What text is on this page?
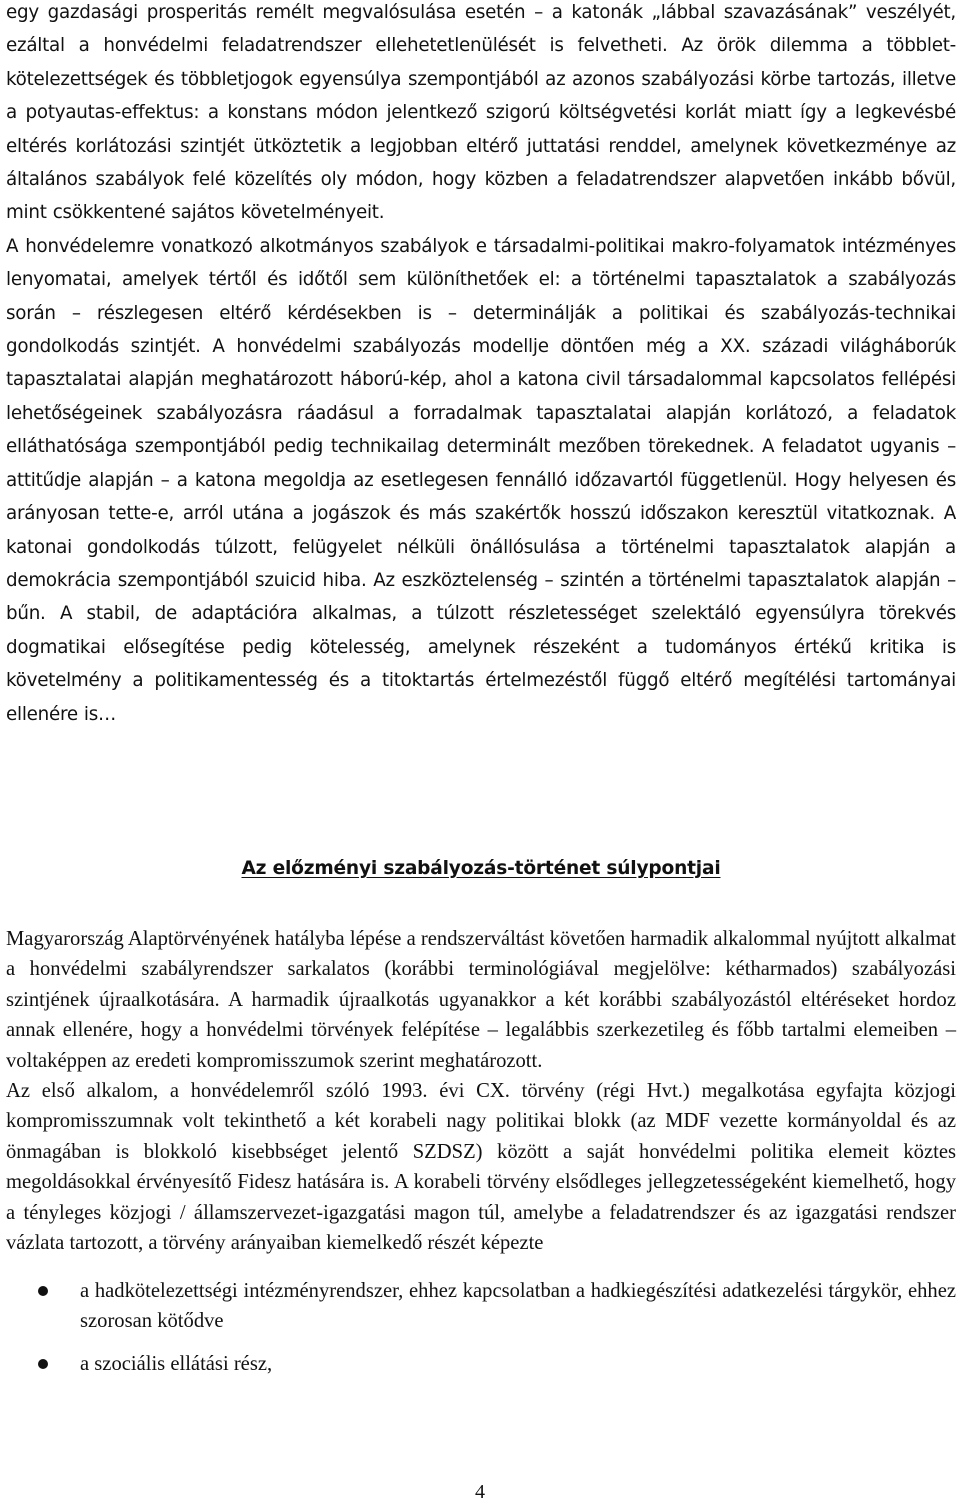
egy gazdasági prosperitás remélt megvalósulása esetén – a katonák „lábbal szavazásának” veszélyét, ezáltal a honvédelmi feladatrendszer ellehetetlenülését is felvetheti. Az örök dilemma a többlet-kötelezettségek és többletjogok egyensúlya szempontjából az azonos szabályozási körbe tartozás, illetve a potyautas-effektus: a konstans módon jelentkező szigorú költségvetési korlát miatt így a legkevésbé eltérés korlátozási szintjét ütköztetik a legjobban eltérő juttatási renddel, amelynek következménye az általános szabályok felé közelítés oly módon, hogy közben a feladatrendszer alapvetően inkább bővül, mint csökkentené sajátos követelményeit.

A honvédelemre vonatkozó alkotmányos szabályok e társadalmi-politikai makro-folyamatok intézményes lenyomatai, amelyek tértől és időtől sem különíthetőek el: a történelmi tapasztalatok a szabályozás során – részlegesen eltérő kérdésekben is – determinálják a politikai és szabályozás-technikai gondolkodás szintjét. A honvédelmi szabályozás modellje döntően még a XX. századi világháborúk tapasztalatai alapján meghatározott háború-kép, ahol a katona civil társadalommal kapcsolatos fellépési lehetőségeinek szabályozásra ráadásul a forradalmak tapasztalatai alapján korlátozó, a feladatok elláthatósága szempontjából pedig technikailag determinált mezőben törekednek. A feladatot ugyanis – attitűdje alapján – a katona megoldja az esetlegesen fennálló időzavartól függetlenül. Hogy helyesen és arányosan tette-e, arról utána a jogászok és más szakértők hosszú időszakon keresztül vitatkoznak. A katonai gondolkodás túlzott, felügyelet nélküli önállósulása a történelmi tapasztalatok alapján a demokrácia szempontjából szuicid hiba. Az eszköztelenség – szintén a történelmi tapasztalatok alapján – bűn. A stabil, de adaptációra alkalmas, a túlzott részletességet szelektáló egyensúlyra törekvés dogmatikai elősegítése pedig kötelesség, amelynek részeként a tudományos értékű kritika is követelmény a politikamentesség és a titoktartás értelmezéstől függő eltérő megítélési tartományai ellenére is…

Az előzményi szabályozás-történet súlypontjai

Magyarország Alaptörvényének hatályba lépése a rendszerváltást követően harmadik alkalommal nyújtott alkalmat a honvédelmi szabályrendszer sarkalatos (korábbi terminológiával megjelölve: kétharmados) szabályozási szintjének újraalkotására. A harmadik újraalkotás ugyanakkor a két korábbi szabályozástól eltéréseket hordoz annak ellenére, hogy a honvédelmi törvények felépítése – legalábbis szerkezetileg és főbb tartalmi elemeiben – voltaképpen az eredeti kompromisszumok szerint meghatározott.

Az első alkalom, a honvédelemről szóló 1993. évi CX. törvény (régi Hvt.) megalkotása egyfajta közjogi kompromisszumnak volt tekinthető a két korabeli nagy politikai blokk (az MDF vezette kormányoldal és az önmagában is blokkoló kisebbséget jelentő SZDSZ) között a saját honvédelmi politika elemeit köztes megoldásokkal érvényesítő Fidesz hatására is. A korabeli törvény elsődleges jellegzetességeként kiemelhető, hogy a tényleges közjogi / államszervezet-igazgatási magon túl, amelybe a feladatrendszer és az igazgatási rendszer vázlata tartozott, a törvény arányaiban kiemelkedő részét képezte

a hadkötelezettségi intézményrendszer, ehhez kapcsolatban a hadkiegészítési adatkezelési tárgykör, ehhez szorosan kötődve
a szociális ellátási rész,

4
